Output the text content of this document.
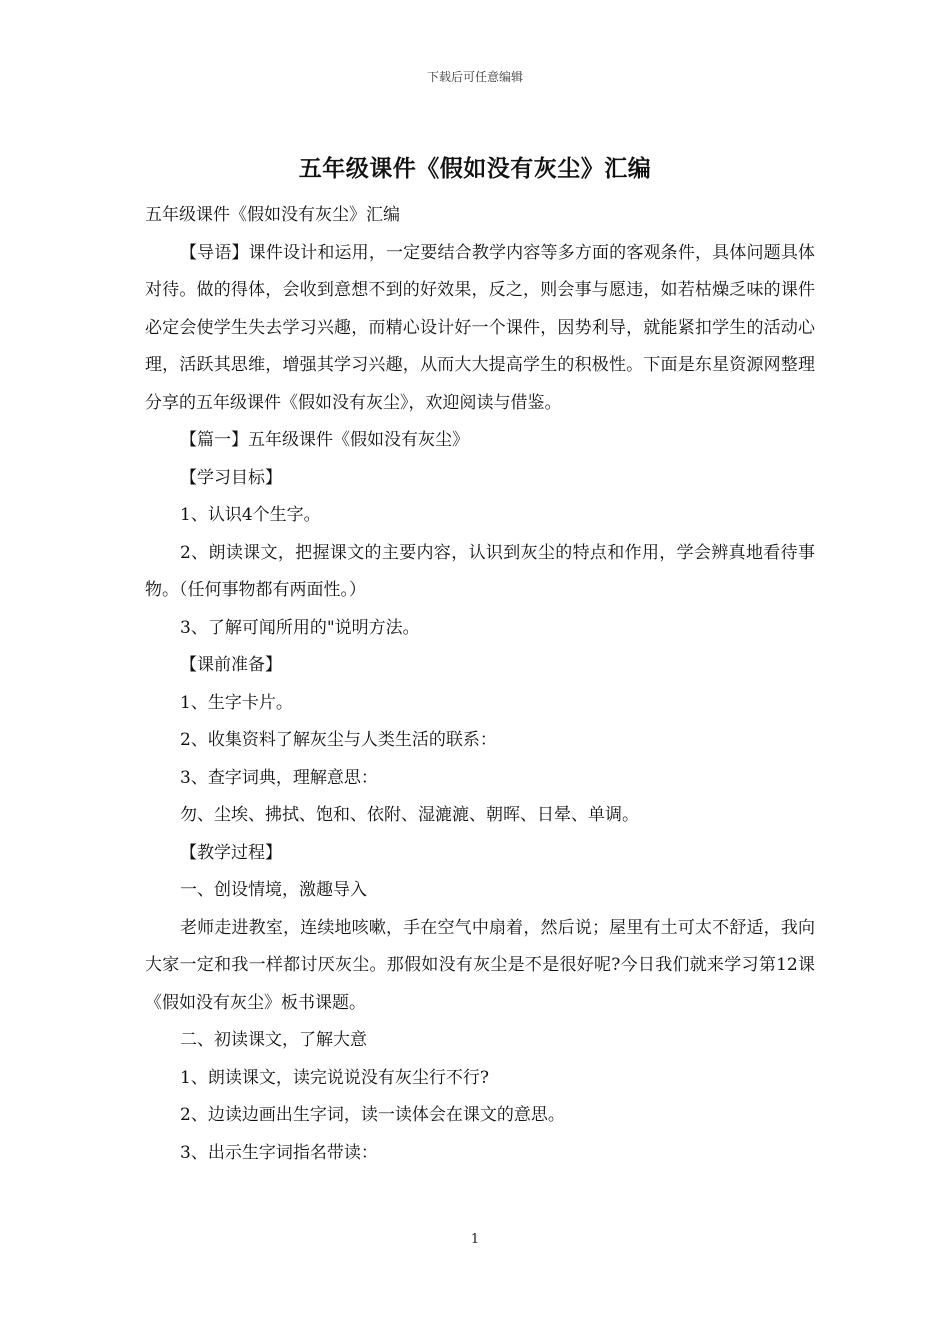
下载后可任意编辑
五年级课件《假如没有灰尘》汇编

五年级课件《假如没有灰尘》汇编

【导语】课件设计和运用，一定要结合教学内容等多方面的客观条件，具体问题具体对待。做的得体，会收到意想不到的好效果，反之，则会事与愿违，如若枯燥乏味的课件必定会使学生失去学习兴趣，而精心设计好一个课件，因势利导，就能紧扣学生的活动心理，活跃其思维，增强其学习兴趣，从而大大提高学生的积极性。下面是东星资源网整理分享的五年级课件《假如没有灰尘》，欢迎阅读与借鉴。

【篇一】五年级课件《假如没有灰尘》

【学习目标】

1、认识4个生字。

2、朗读课文，把握课文的主要内容，认识到灰尘的特点和作用，学会辨真地看待事物。（任何事物都有两面性。）

3、了解可闻所用的"说明方法。

【课前准备】

1、生字卡片。

2、收集资料了解灰尘与人类生活的联系：

3、查字词典，理解意思：

勿、尘埃、拂拭、饱和、依附、湿漉漉、朝晖、日晕、单调。

【教学过程】

一、创设情境，激趣导入

老师走进教室，连续地咳嗽，手在空气中扇着，然后说；屋里有土可太不舒适，我向大家一定和我一样都讨厌灰尘。那假如没有灰尘是不是很好呢?今日我们就来学习第12课《假如没有灰尘》板书课题。

二、初读课文，了解大意

1、朗读课文，读完说说没有灰尘行不行?

2、边读边画出生字词，读一读体会在课文的意思。

3、出示生字词指名带读：

1
